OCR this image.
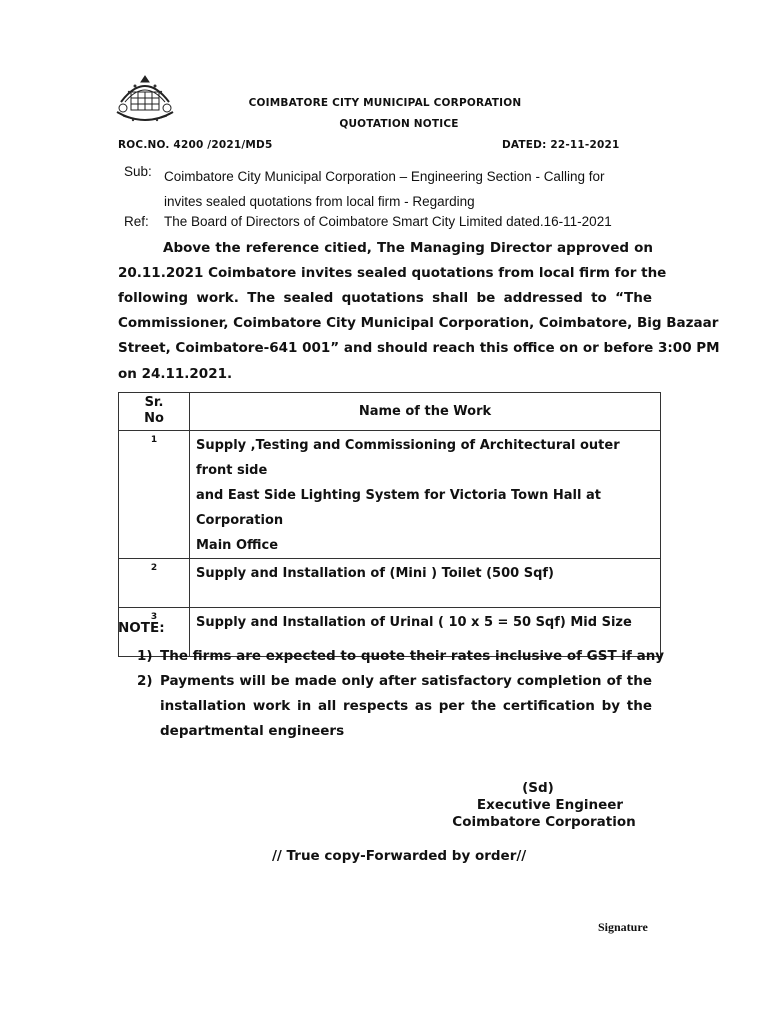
COIMBATORE CITY MUNICIPAL CORPORATION
QUOTATION NOTICE
ROC.NO. 4200 /2021/MD5	DATED: 22-11-2021
Sub: Coimbatore City Municipal Corporation – Engineering Section - Calling for
invites sealed quotations from local firm - Regarding
Ref: The Board of Directors of Coimbatore Smart City Limited dated.16-11-2021
Above the reference citied, The Managing Director approved on
20.11.2021 Coimbatore invites sealed quotations from local firm for the
following work. The sealed quotations shall be addressed to “The
Commissioner, Coimbatore City Municipal Corporation, Coimbatore, Big Bazaar
Street, Coimbatore-641 001” and should reach this office on or before 3:00 PM
on 24.11.2021.
Sr.
No	Name of the Work
1	Supply ,Testing and Commissioning of Architectural outer front side
and East Side Lighting System for Victoria Town Hall at Corporation
Main Office

2	Supply and Installation of (Mini ) Toilet (500 Sqf)

3	Supply and Installation of Urinal ( 10 x 5 = 50 Sqf) Mid Size
NOTE:
1) The firms are expected to quote their rates inclusive of GST if any
2) Payments will be made only after satisfactory completion of the
installation work in all respects as per the certification by the
departmental engineers
(Sd)
Executive Engineer
Coimbatore Corporation
// True copy-Forwarded by order//
Signature
